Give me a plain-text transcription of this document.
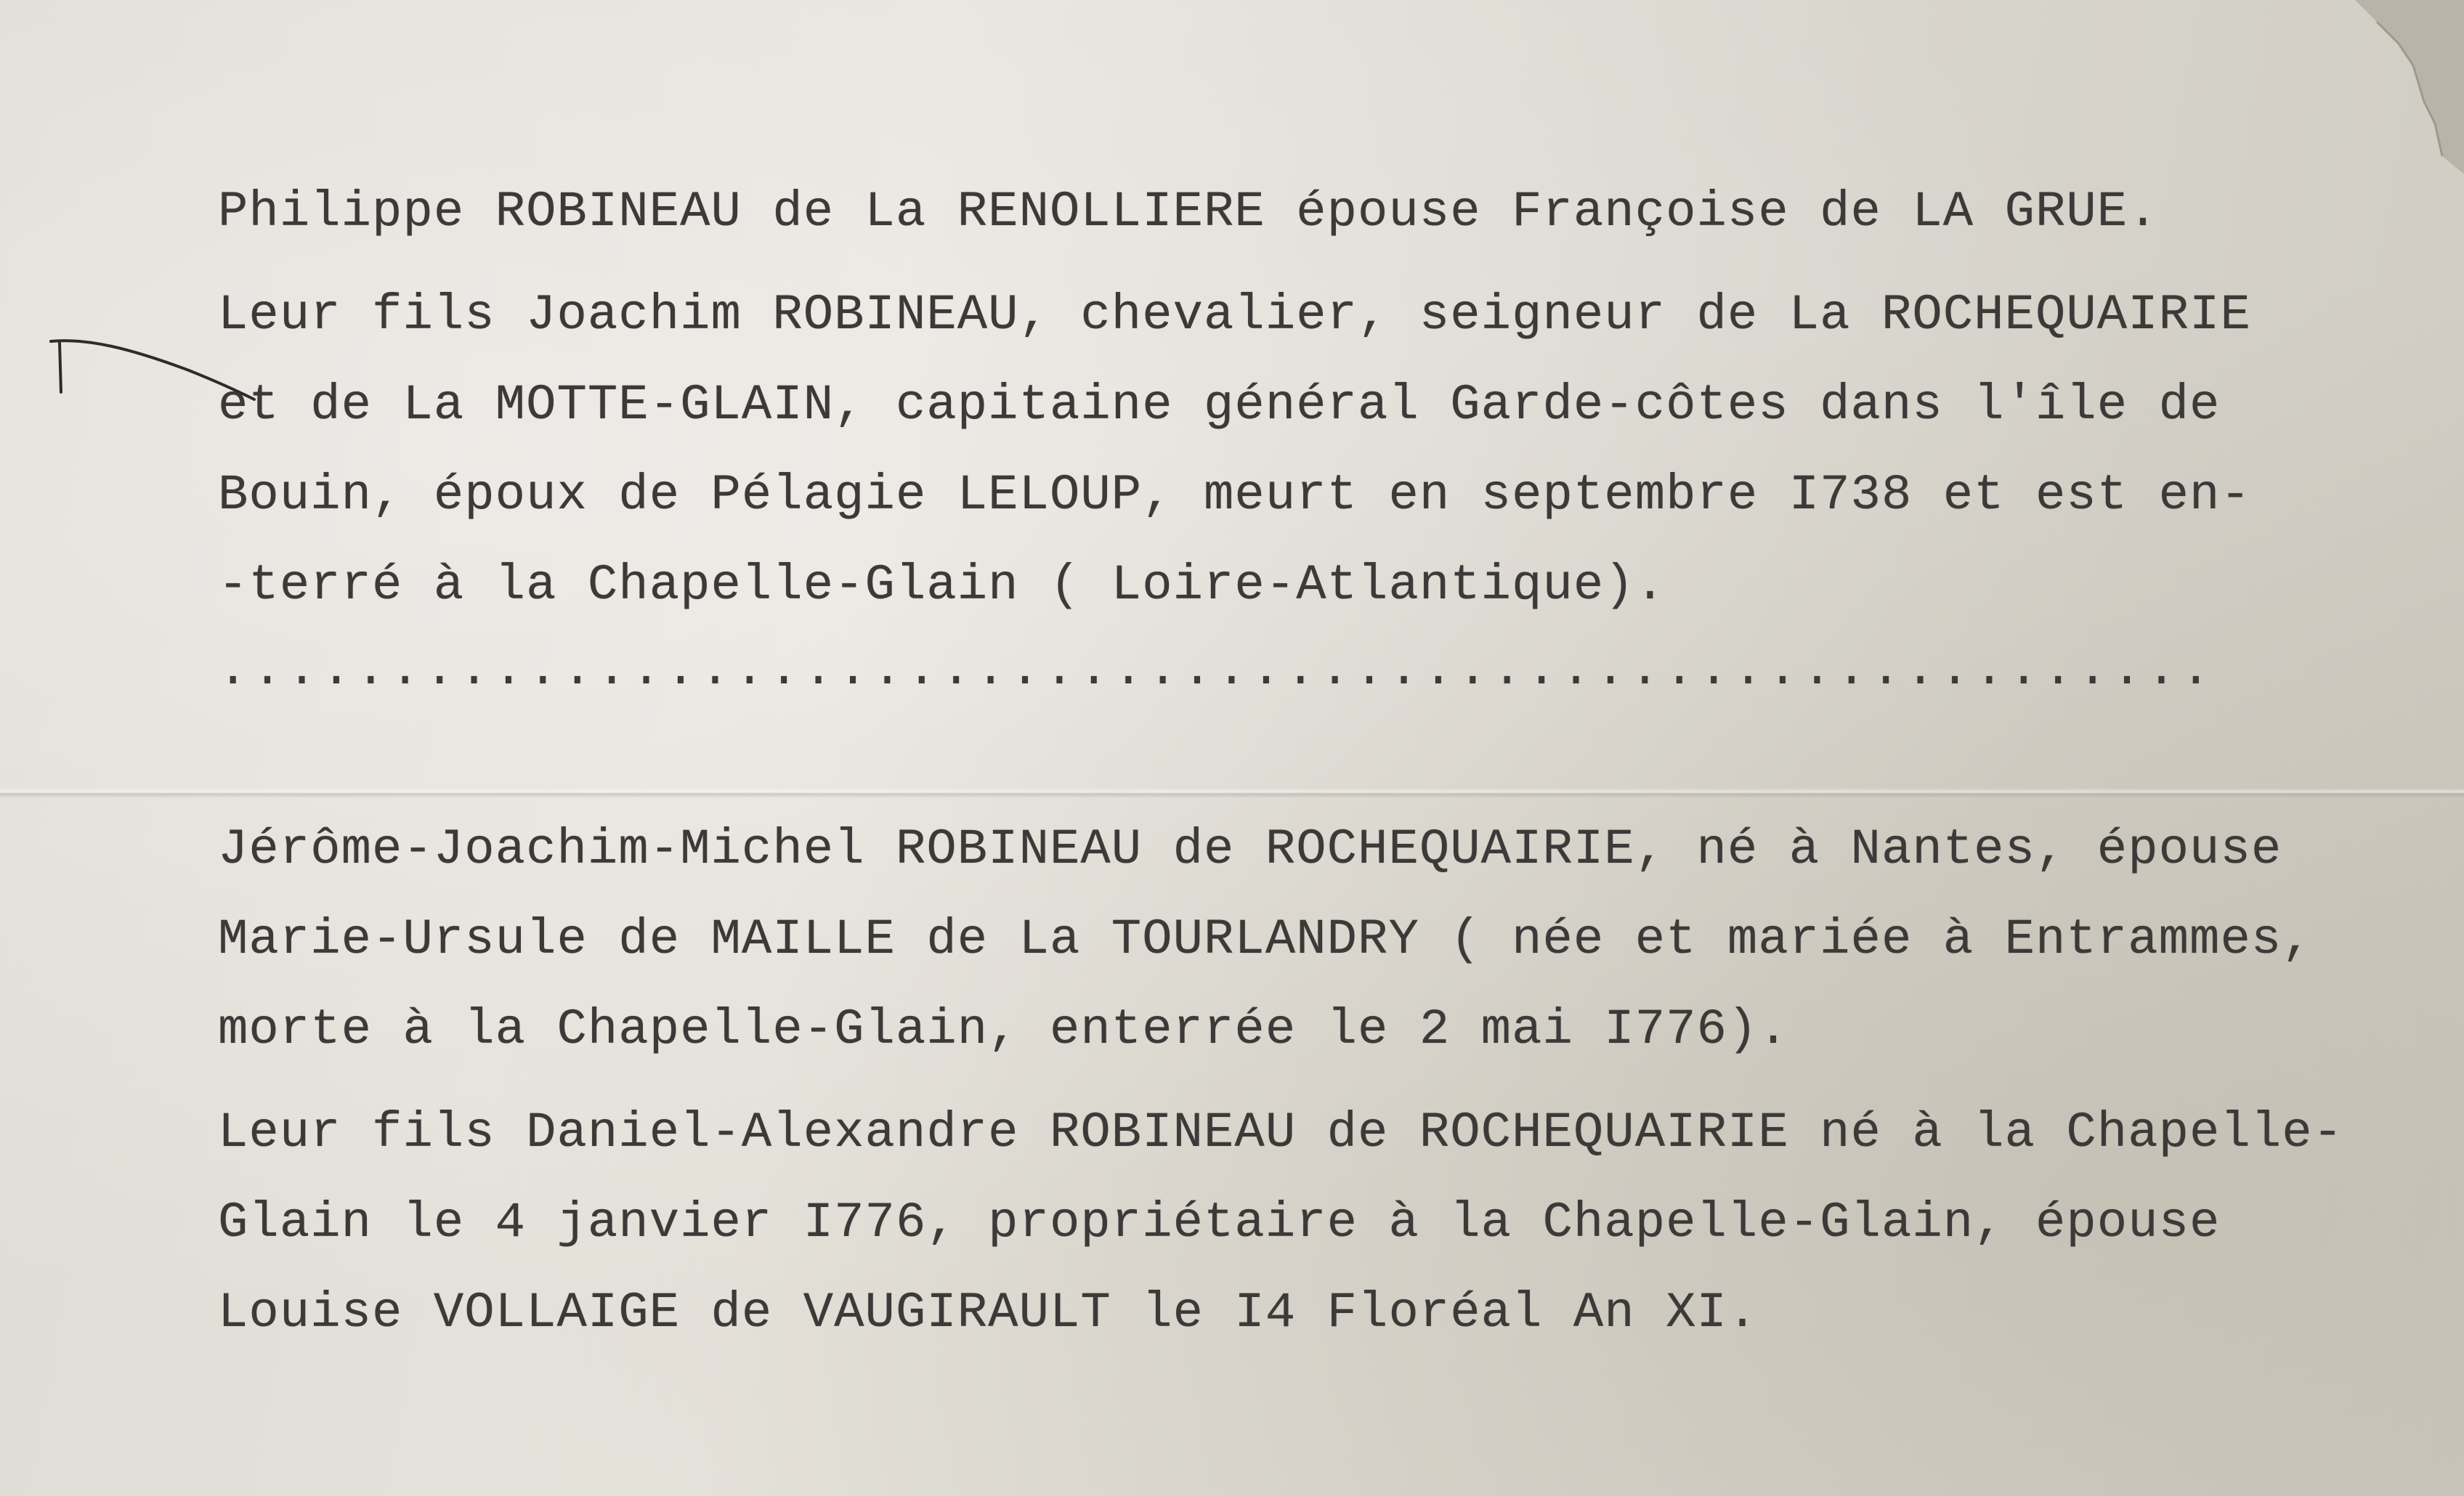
Philippe ROBINEAU de La RENOLLIERE épouse Françoise de LA GRUE.
Leur fils Joachim ROBINEAU, chevalier, seigneur de La ROCHEQUAIRIE
et de La MOTTE-GLAIN, capitaine général Garde-côtes dans l'île de
Bouin, époux de Pélagie LELOUP, meurt en septembre I738 et est en-
-terré à la Chapelle-Glain ( Loire-Atlantique).
..........................................................
Jérôme-Joachim-Michel ROBINEAU de ROCHEQUAIRIE, né à Nantes, épouse
Marie-Ursule de MAILLE de La TOURLANDRY ( née et mariée à Entrammes,
morte à la Chapelle-Glain, enterrée le 2 mai I776).
Leur fils Daniel-Alexandre ROBINEAU de ROCHEQUAIRIE né à la Chapelle-
Glain le 4 janvier I776, propriétaire à la Chapelle-Glain, épouse
Louise VOLLAIGE de VAUGIRAULT le I4 Floréal An XI.
